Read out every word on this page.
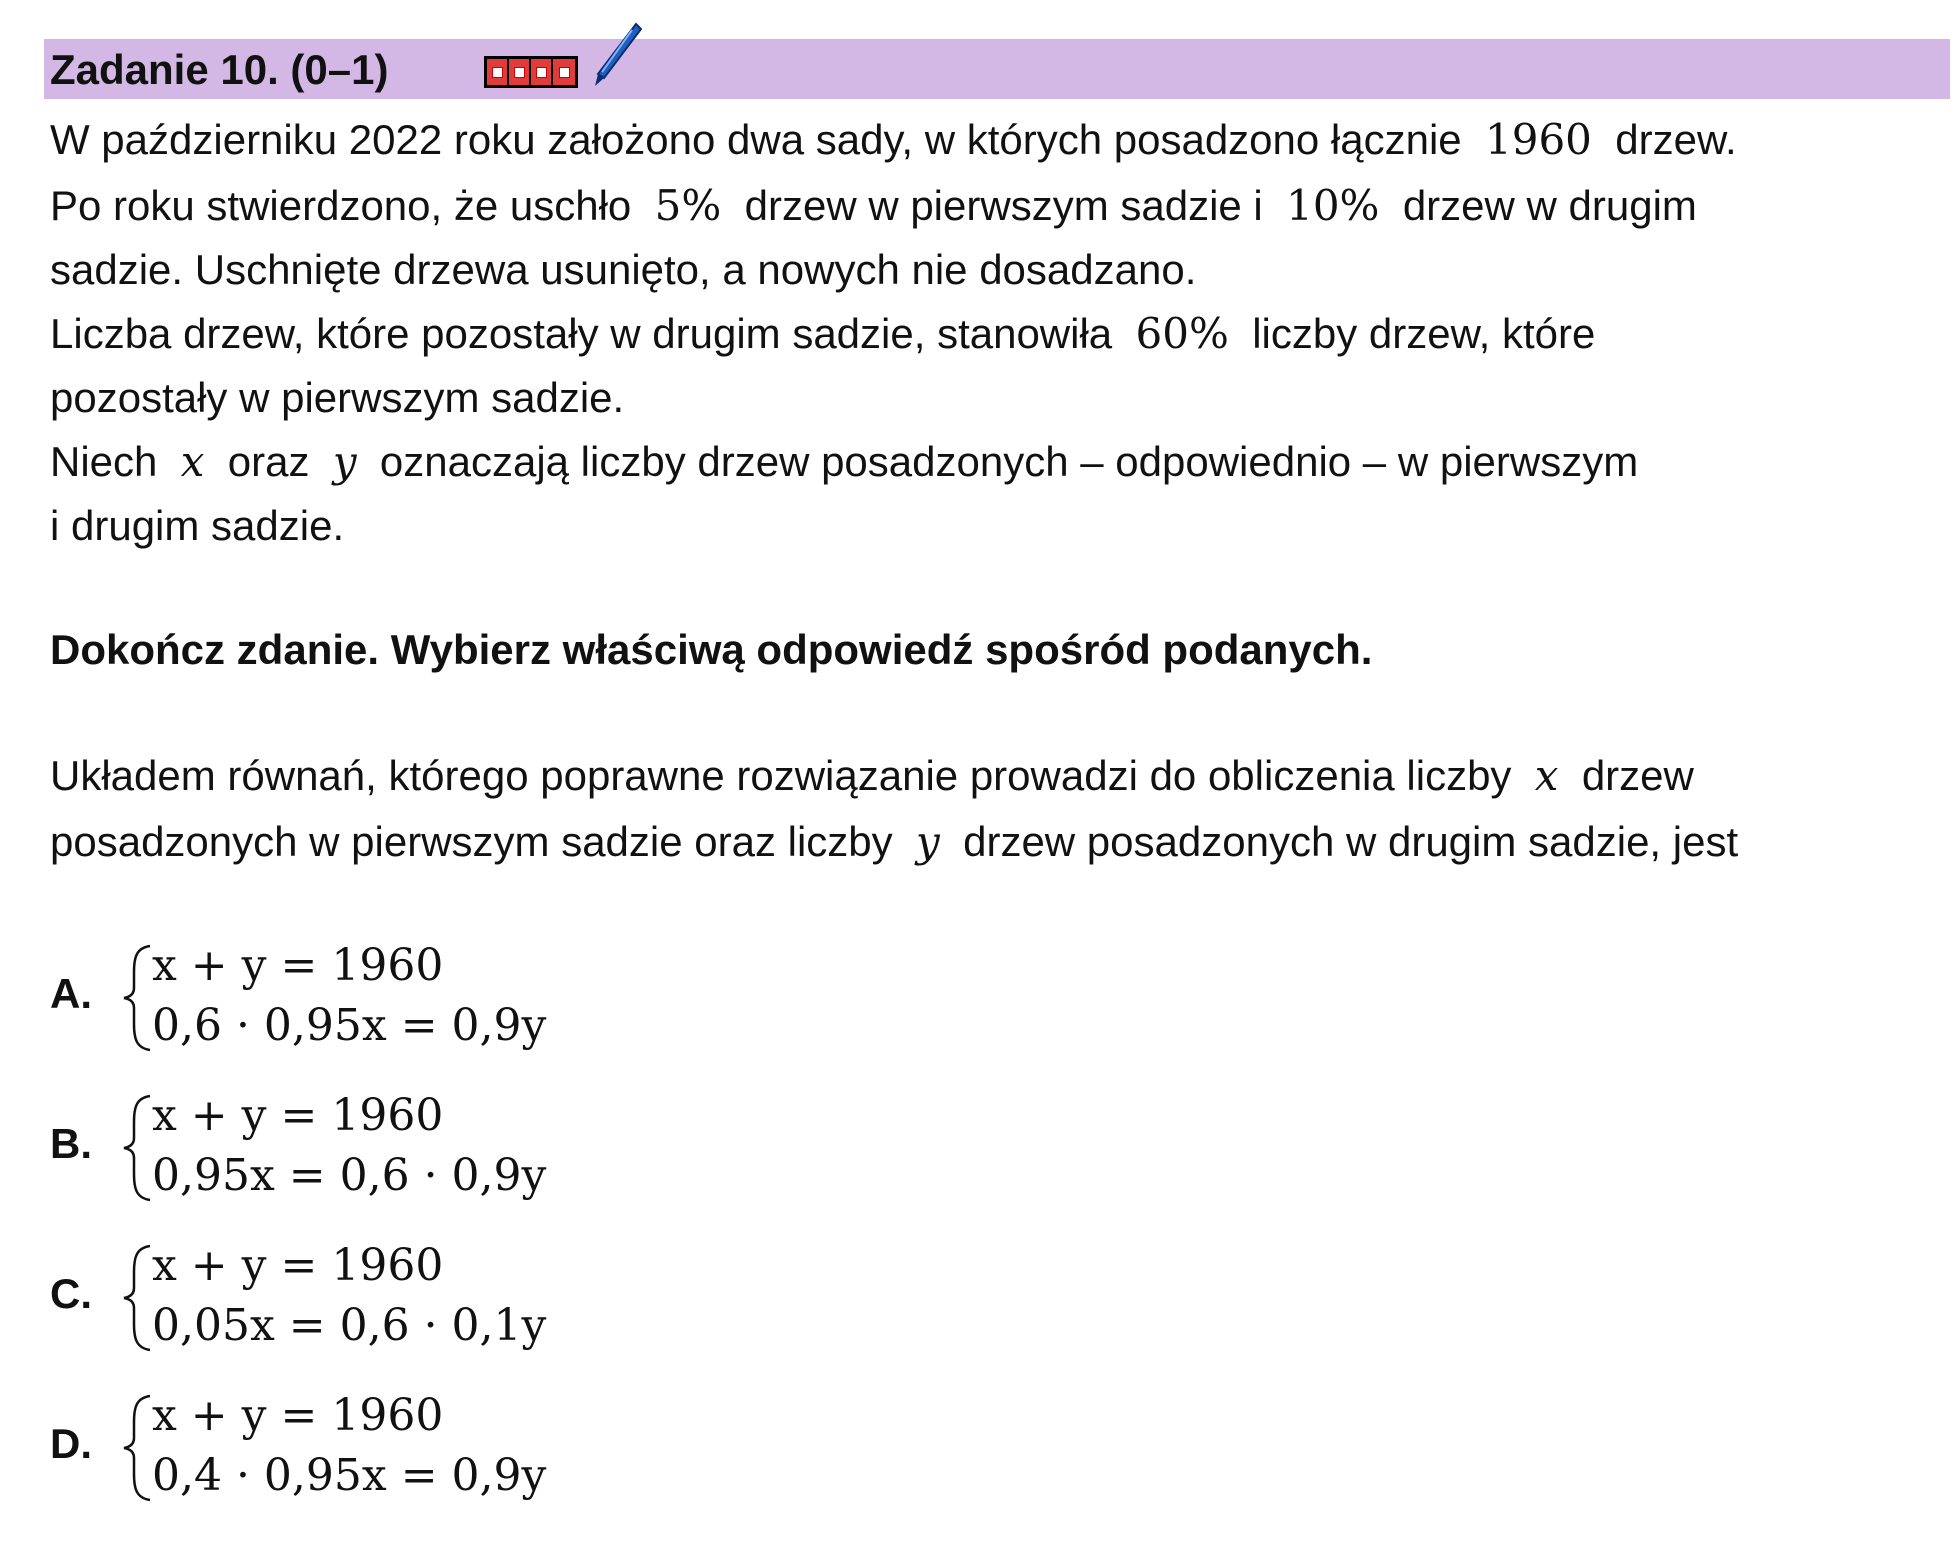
Zadanie 10. (0–1)
W październiku 2022 roku założono dwa sady, w których posadzono łącznie 1960 drzew.
Po roku stwierdzono, że uschło 5% drzew w pierwszym sadzie i 10% drzew w drugim
sadzie. Uschnięte drzewa usunięto, a nowych nie dosadzano.
Liczba drzew, które pozostały w drugim sadzie, stanowiła 60% liczby drzew, które
pozostały w pierwszym sadzie.
Niech x oraz y oznaczają liczby drzew posadzonych – odpowiednio – w pierwszym
i drugim sadzie.
Dokończ zdanie. Wybierz właściwą odpowiedź spośród podanych.
Układem równań, którego poprawne rozwiązanie prowadzi do obliczenia liczby x drzew
posadzonych w pierwszym sadzie oraz liczby y drzew posadzonych w drugim sadzie, jest
A.
x + y = 1960
0,6 · 0,95x = 0,9y
B.
x + y = 1960
0,95x = 0,6 · 0,9y
C.
x + y = 1960
0,05x = 0,6 · 0,1y
D.
x + y = 1960
0,4 · 0,95x = 0,9y
